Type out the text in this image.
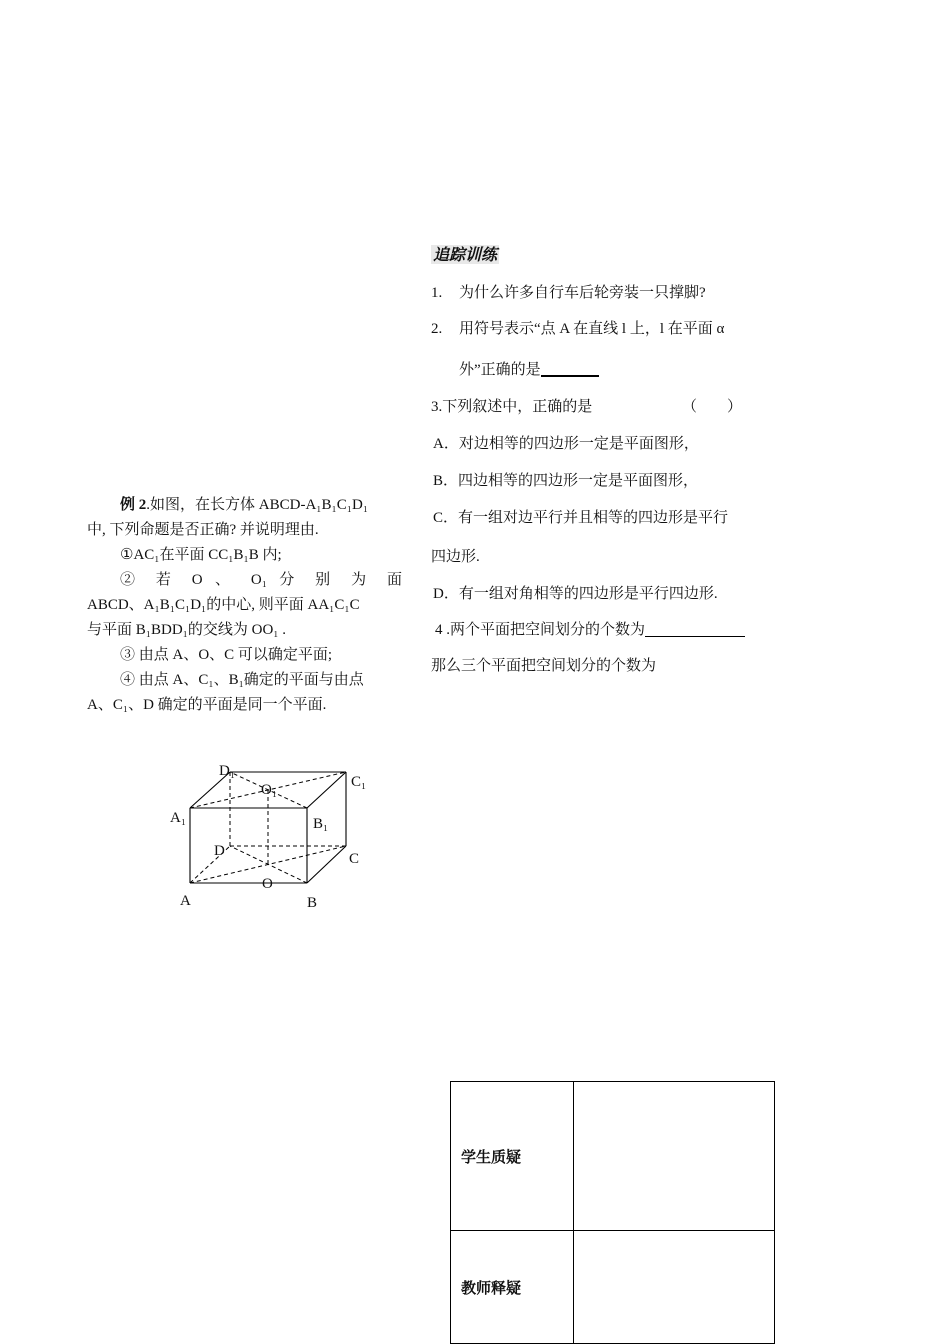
例 2.如图，在长方体 ABCD-A₁B₁C₁D₁
中, 下列命题是否正确? 并说明理由.
①AC₁在平面 CC₁B₁B 内;
② 若 O 、 O₁ 分 别 为 面
ABCD、A₁B₁C₁D₁的中心, 则平面 AA₁C₁C
与平面 B₁BDD₁的交线为 OO₁ .
③ 由点 A、O、C 可以确定平面;
④ 由点 A、C₁、B₁确定的平面与由点
A、C₁、D 确定的平面是同一个平面.
D₁
C₁
O₁
A₁	B₁
D	C
O
A	B
追踪训练
1. 为什么许多自行车后轮旁装一只撑脚?
2. 用符号表示“点 A 在直线 l 上，l 在平面 α
外”正确的是
3.下列叙述中，正确的是	（　　）
A．对边相等的四边形一定是平面图形，
B．四边相等的四边形一定是平面图形，
C．有一组对边平行并且相等的四边形是平行
四边形.
D．有一组对角相等的四边形是平行四边形.
4 .两个平面把空间划分的个数为
那么三个平面把空间划分的个数为
学生质疑	
教师释疑	
